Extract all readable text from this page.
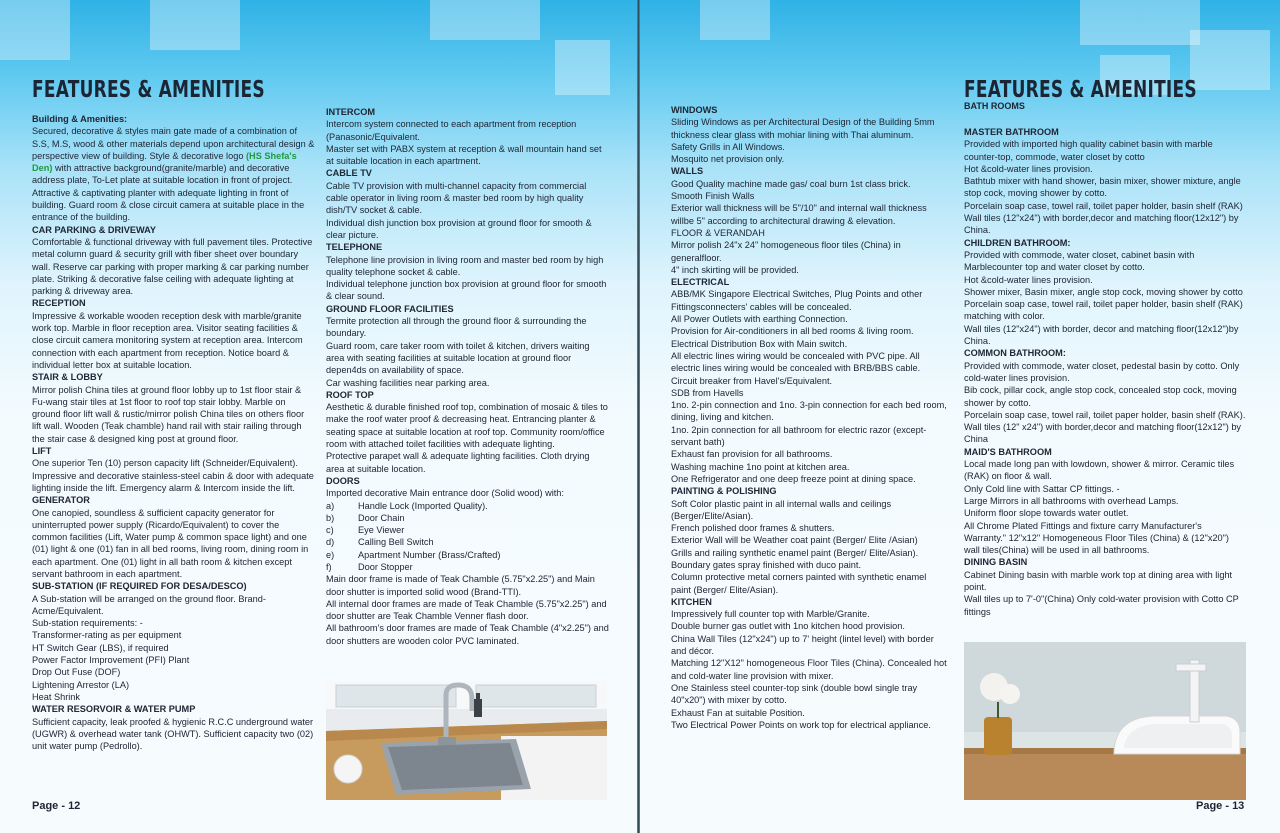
FEATURES & AMENITIES
Building & Amenities:
Secured, decorative & styles main gate made of a combination of S.S, M.S, wood & other materials depend upon architectural design & perspective view of building. Style & decorative logo (HS Shefa's Den) with attractive background(granite/marble) and decorative address plate, To-Let plate at suitable location in front of project. Attractive & captivating planter with adequate lighting in front of building. Guard room & close circuit camera at suitable place in the entrance of the building.
CAR PARKING & DRIVEWAY
Comfortable & functional driveway with full pavement tiles. Protective metal column guard & security grill with fiber sheet over boundary wall. Reserve car parking with proper marking & car parking number plate. Striking & decorative false ceiling with adequate lighting at parking & driveway area.
RECEPTION
Impressive & workable wooden reception desk with marble/granite work top. Marble in floor reception area. Visitor seating facilities & close circuit camera monitoring system at reception area. Intercom connection with each apartment from reception. Notice board & individual letter box at suitable location.
STAIR & LOBBY
Mirror polish China tiles at ground floor lobby up to 1st floor stair & Fu-wang stair tiles at 1st floor to roof top stair lobby. Marble on ground floor lift wall & rustic/mirror polish China tiles on others floor lift wall. Wooden (Teak chamble) hand rail with stair railing through the stair case & designed king post at ground floor.
LIFT
One superior Ten (10) person capacity lift (Schneider/Equivalent). Impressive and decorative stainless-steel cabin & door with adequate lighting inside the lift. Emergency alarm & Intercom inside the lift.
GENERATOR
One canopied, soundless & sufficient capacity generator for uninterrupted power supply (Ricardo/Equivalent) to cover the common facilities (Lift, Water pump & common space light) and one (01) light & one (01) fan in all bed rooms, living room, dining room in each apartment. One (01) light in all bath room & kitchen except servant bathroom in each apartment.
SUB-STATION (IF REQUIRED FOR DESA/DESCO)
A Sub-station will be arranged on the ground floor. Brand-Acme/Equivalent.
Sub-station requirements: -
Transformer-rating as per equipment
HT Switch Gear (LBS), if required
Power Factor Improvement (PFI) Plant
Drop Out Fuse (DOF)
Lightening Arrestor (LA)
Heat Shrink
WATER RESORVOIR & WATER PUMP
Sufficient capacity, leak proofed & hygienic R.C.C underground water (UGWR) & overhead water tank (OHWT). Sufficient capacity two (02) unit water pump (Pedrollo).
INTERCOM
Intercom system connected to each apartment from reception (Panasonic/Equivalent.
Master set with PABX system at reception & wall mountain hand set at suitable location in each apartment.
CABLE TV
Cable TV provision with multi-channel capacity from commercial cable operator in living room & master bed room by high quality dish/TV socket & cable.
Individual dish junction box provision at ground floor for smooth & clear picture.
TELEPHONE
Telephone line provision in living room and master bed room by high quality telephone socket & cable.
Individual telephone junction box provision at ground floor for smooth & clear sound.
GROUND FLOOR FACILITIES
Termite protection all through the ground floor & surrounding the boundary.
Guard room, care taker room with toilet & kitchen, drivers waiting area with seating facilities at suitable location at ground floor depen4ds on availability of space.
Car washing facilities near parking area.
ROOF TOP
Aesthetic & durable finished roof top, combination of mosaic & tiles to make the roof water proof & decreasing heat. Entrancing planter & seating space at suitable location at roof top. Community room/office room with attached toilet facilities with adequate lighting.
Protective parapet wall & adequate lighting facilities. Cloth drying area at suitable location.
DOORS
Imported decorative Main entrance door (Solid wood) with:
a)	Handle Lock (Imported Quality).
b)	Door Chain
c)	Eye Viewer
d)	Calling Bell Switch
e)	Apartment Number (Brass/Crafted)
f)	Door Stopper
Main door frame is made of Teak Chamble (5.75"x2.25") and Main door shutter is imported solid wood (Brand-TTI).
All internal door frames are made of Teak Chamble (5.75"x2.25") and door shutter are Teak Chamble Venner flash door.
All bathroom's door frames are made of Teak Chamble (4"x2.25") and door shutters are wooden color PVC laminated.
Page - 12
FEATURES & AMENITIES
BATH ROOMS
WINDOWS
Sliding Windows as per Architectural Design of the Building 5mm thickness clear glass with mohiar lining with Thai aluminum.
Safety Grills in All Windows.
Mosquito net provision only.
WALLS
Good Quality machine made gas/ coal burn 1st class brick.
Smooth Finish Walls
Exterior wall thickness will be 5"/10" and internal wall thickness willbe 5" according to architectural drawing & elevation.
FLOOR & VERANDAH
Mirror polish 24"x 24" homogeneous floor tiles (China) in generalfloor.
4" inch skirting will be provided.
ELECTRICAL
ABB/MK Singapore Electrical Switches, Plug Points and other Fittingsconnecters' cables will be concealed.
All Power Outlets with earthing Connection.
Provision for Air-conditioners in all bed rooms & living room.
Electrical Distribution Box with Main switch.
All electric lines wiring would be concealed with PVC pipe. All electric lines wiring would be concealed with BRB/BBS cable.
Circuit breaker from Havel's/Equivalent.
SDB from Havells
1no. 2-pin connection and 1no. 3-pin connection for each bed room, dining, living and kitchen.
1no. 2pin connection for all bathroom for electric razor (except-servant bath)
Exhaust fan provision for all bathrooms.
Washing machine 1no point at kitchen area.
One Refrigerator and one deep freeze point at dining space.
PAINTING & POLISHING
Soft Color plastic paint in all internal walls and ceilings (Berger/Elite/Asian).
French polished door frames & shutters.
Exterior Wall will be Weather coat paint (Berger/ Elite /Asian)
Grills and railing synthetic enamel paint (Berger/ Elite/Asian).
Boundary gates spray finished with duco paint.
Column protective metal corners painted with synthetic enamel paint (Berger/ Elite/Asian).
KITCHEN
Impressively full counter top with Marble/Granite.
Double burner gas outlet with 1no kitchen hood provision.
China Wall Tiles (12"x24") up to 7' height (lintel level) with border and décor.
Matching 12"X12" homogeneous Floor Tiles (China). Concealed hot and cold-water line provision with mixer.
One Stainless steel counter-top sink (double bowl single tray 40"x20") with mixer by cotto.
Exhaust Fan at suitable Position.
Two Electrical Power Points on work top for electrical appliance.
MASTER BATHROOM
Provided with imported high quality cabinet basin with marble counter-top, commode, water closet by cotto
Hot &cold-water lines provision.
Bathtub mixer with hand shower, basin mixer, shower mixture, angle stop cock, moving shower by cotto.
Porcelain soap case, towel rail, toilet paper holder, basin shelf (RAK) Wall tiles (12"x24") with border,decor and matching floor(12x12") by China.
CHILDREN BATHROOM:
Provided with commode, water closet, cabinet basin with Marblecounter top and water closet by cotto.
Hot &cold-water lines provision.
Shower mixer, Basin mixer, angle stop cock, moving shower by cotto Porcelain soap case, towel rail, toilet paper holder, basin shelf (RAK) matching with color.
Wall tiles (12"x24") with border, decor and matching floor(12x12")by China.
COMMON BATHROOM:
Provided with commode, water closet, pedestal basin by cotto. Only cold-water lines provision.
Bib cock, pillar cock, angle stop cock, concealed stop cock, moving shower by cotto.
Porcelain soap case, towel rail, toilet paper holder, basin shelf (RAK). Wall tiles (12" x24") with border,decor and matching floor(12x12") by China
MAID'S BATHROOM
Local made long pan with lowdown, shower & mirror. Ceramic tiles (RAK) on floor & wall.
Only Cold line with Sattar CP fittings. -
Large Mirrors in all bathrooms with overhead Lamps.
Uniform floor slope towards water outlet.
All Chrome Plated Fittings and fixture carry Manufacturer's Warranty." 12"x12" Homogeneous Floor Tiles (China) & (12"x20") wall tiles(China) will be used in all bathrooms.
DINING BASIN
Cabinet Dining basin with marble work top at dining area with light point.
Wall tiles up to 7'-0"(China) Only cold-water provision with Cotto CP fittings
Page - 13
